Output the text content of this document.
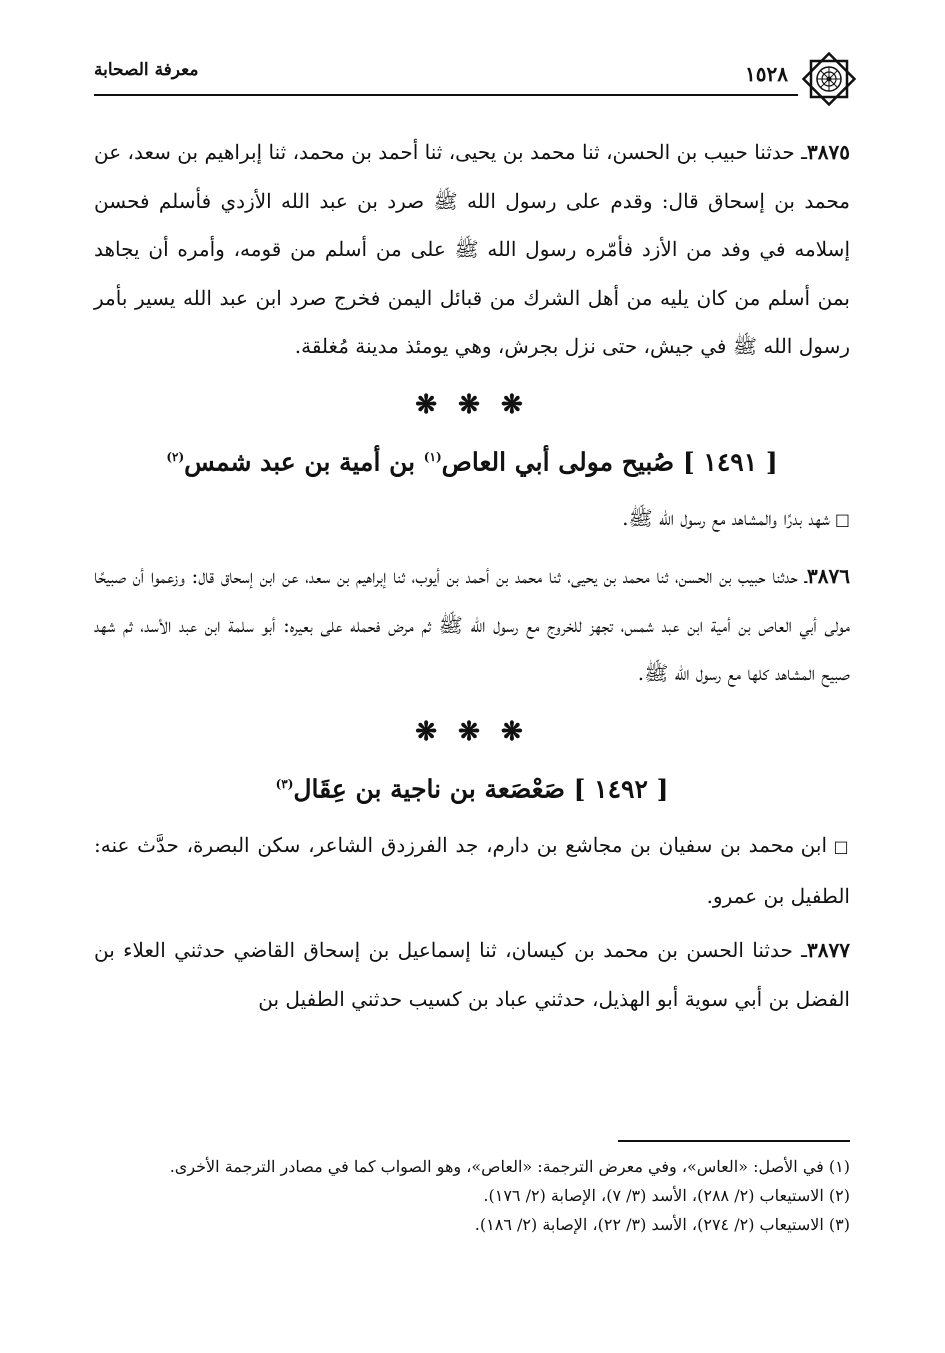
معرفة الصحابة	١٥٢٨

٣٨٧٥ـ حدثنا حبيب بن الحسن، ثنا محمد بن يحيى، ثنا أحمد بن محمد، ثنا إبراهيم بن سعد، عن محمد بن إسحاق قال: وقدم على رسول الله ﷺ صرد بن عبد الله الأزدي فأسلم فحسن إسلامه في وفد من الأزد فأمّره رسول الله ﷺ على من أسلم من قومه، وأمره أن يجاهد بمن أسلم من كان يليه من أهل الشرك من قبائل اليمن فخرج صرد ابن عبد الله يسير بأمر رسول الله ﷺ في جيش، حتى نزل بجرش، وهي يومئذ مدينة مُغلقة.

❋ ❋ ❋
[ ١٤٩١ ] صُبيح مولى أبي العاص$^{(١)}$ بن أمية بن عبد شمس$^{(٢)}$

□ شهد بدرًا والمشاهد مع رسول الله ﷺ.

٣٨٧٦ـ حدثنا حبيب بن الحسن، ثنا محمد بن يحيى، ثنا محمد بن أحمد بن أيوب، ثنا إبراهيم بن سعد، عن ابن إسحاق قال: وزعموا أن صبيحًا مولى أبي العاص بن أمية ابن عبد شمس، تجهز للخروج مع رسول الله ﷺ ثم مرض فحمله على بعيره: أبو سلمة ابن عبد الأسد، ثم شهد صبيح المشاهد كلها مع رسول الله ﷺ.

❋ ❋ ❋
[ ١٤٩٢ ] صَعْصَعة بن ناجية بن عِقَال$^{(٣)}$

□ ابن محمد بن سفيان بن مجاشع بن دارم، جد الفرزدق الشاعر، سكن البصرة، حدَّث عنه: الطفيل بن عمرو.

٣٨٧٧ـ حدثنا الحسن بن محمد بن كيسان، ثنا إسماعيل بن إسحاق القاضي حدثني العلاء بن الفضل بن أبي سوية أبو الهذيل، حدثني عباد بن كسيب حدثني الطفيل بن

(١) في الأصل: «العاس»، وفي معرض الترجمة: «العاص»، وهو الصواب كما في مصادر الترجمة الأخرى.

(٢) الاستيعاب (٢/ ٢٨٨)، الأسد (٣/ ٧)، الإصابة (٢/ ١٧٦).

(٣) الاستيعاب (٢/ ٢٧٤)، الأسد (٣/ ٢٢)، الإصابة (٢/ ١٨٦).
